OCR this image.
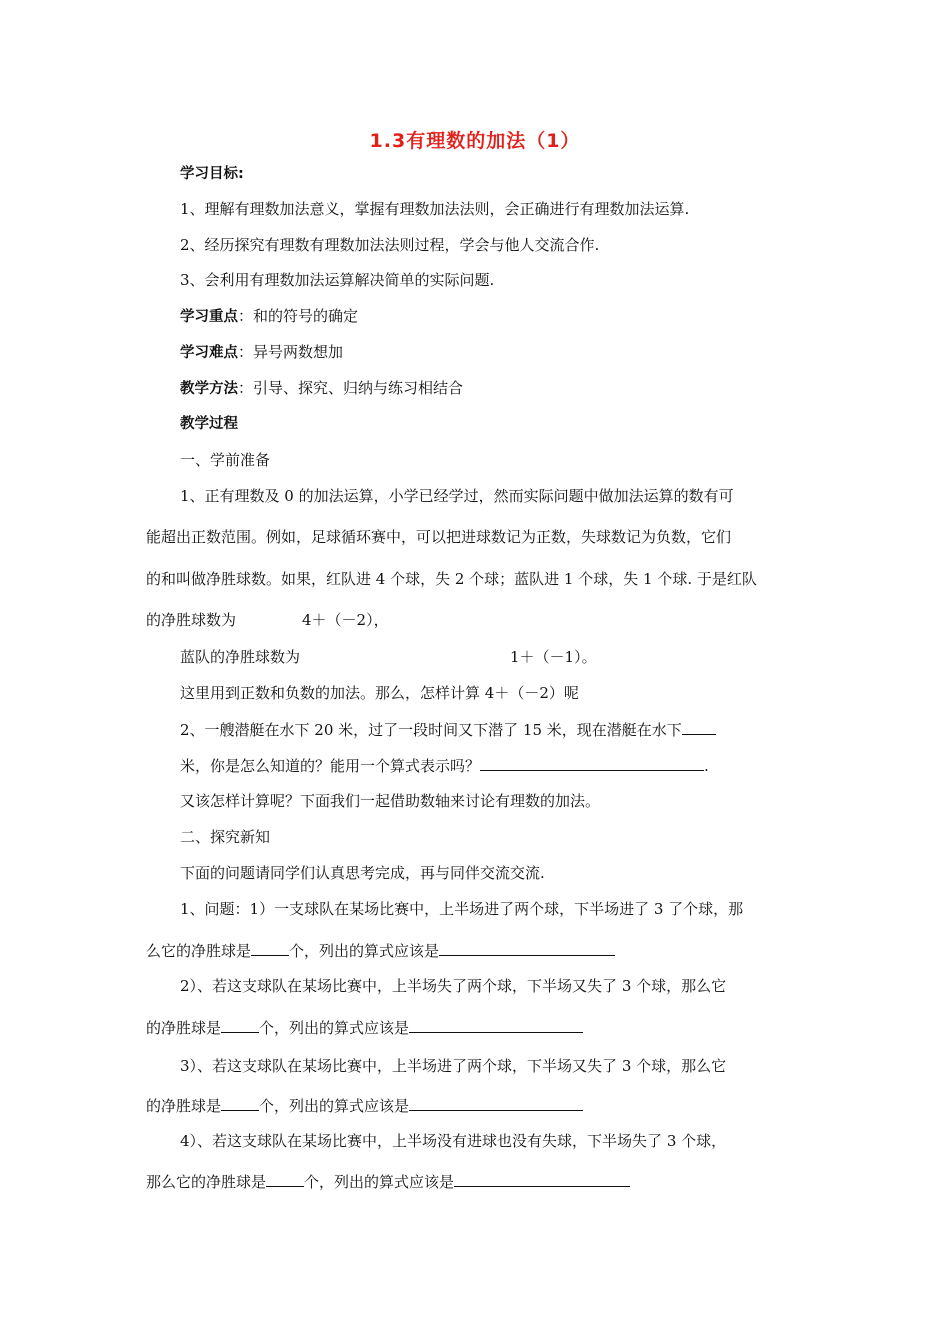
1.3有理数的加法（1）
学习目标:
1、理解有理数加法意义，掌握有理数加法法则，会正确进行有理数加法运算.
2、经历探究有理数有理数加法法则过程，学会与他人交流合作.
3、会利用有理数加法运算解决简单的实际问题.
学习重点：和的符号的确定
学习难点：异号两数想加
教学方法：引导、探究、归纳与练习相结合
教学过程
一、学前准备
1、正有理数及 0 的加法运算，小学已经学过，然而实际问题中做加法运算的数有可
能超出正数范围。例如，足球循环赛中，可以把进球数记为正数，失球数记为负数，它们
的和叫做净胜球数。如果，红队进 4 个球，失 2 个球；蓝队进 1 个球，失 1 个球. 于是红队
的净胜球数为	4＋（－2），
蓝队的净胜球数为	1＋（－1）。
这里用到正数和负数的加法。那么，怎样计算 4＋（－2）呢
2、一艘潜艇在水下 20 米，过了一段时间又下潜了 15 米，现在潜艇在水下
米，你是怎么知道的？能用一个算式表示吗？	.
又该怎样计算呢？下面我们一起借助数轴来讨论有理数的加法。
二、探究新知
下面的问题请同学们认真思考完成，再与同伴交流交流.
1、问题：1）一支球队在某场比赛中，上半场进了两个球，下半场进了 3 了个球，那
么它的净胜球是	个，列出的算式应该是
2）、若这支球队在某场比赛中，上半场失了两个球，下半场又失了 3 个球，那么它
的净胜球是	个，列出的算式应该是
3）、若这支球队在某场比赛中，上半场进了两个球，下半场又失了 3 个球，那么它
的净胜球是	个，列出的算式应该是
4）、若这支球队在某场比赛中，上半场没有进球也没有失球，下半场失了 3 个球，
那么它的净胜球是	个，列出的算式应该是
